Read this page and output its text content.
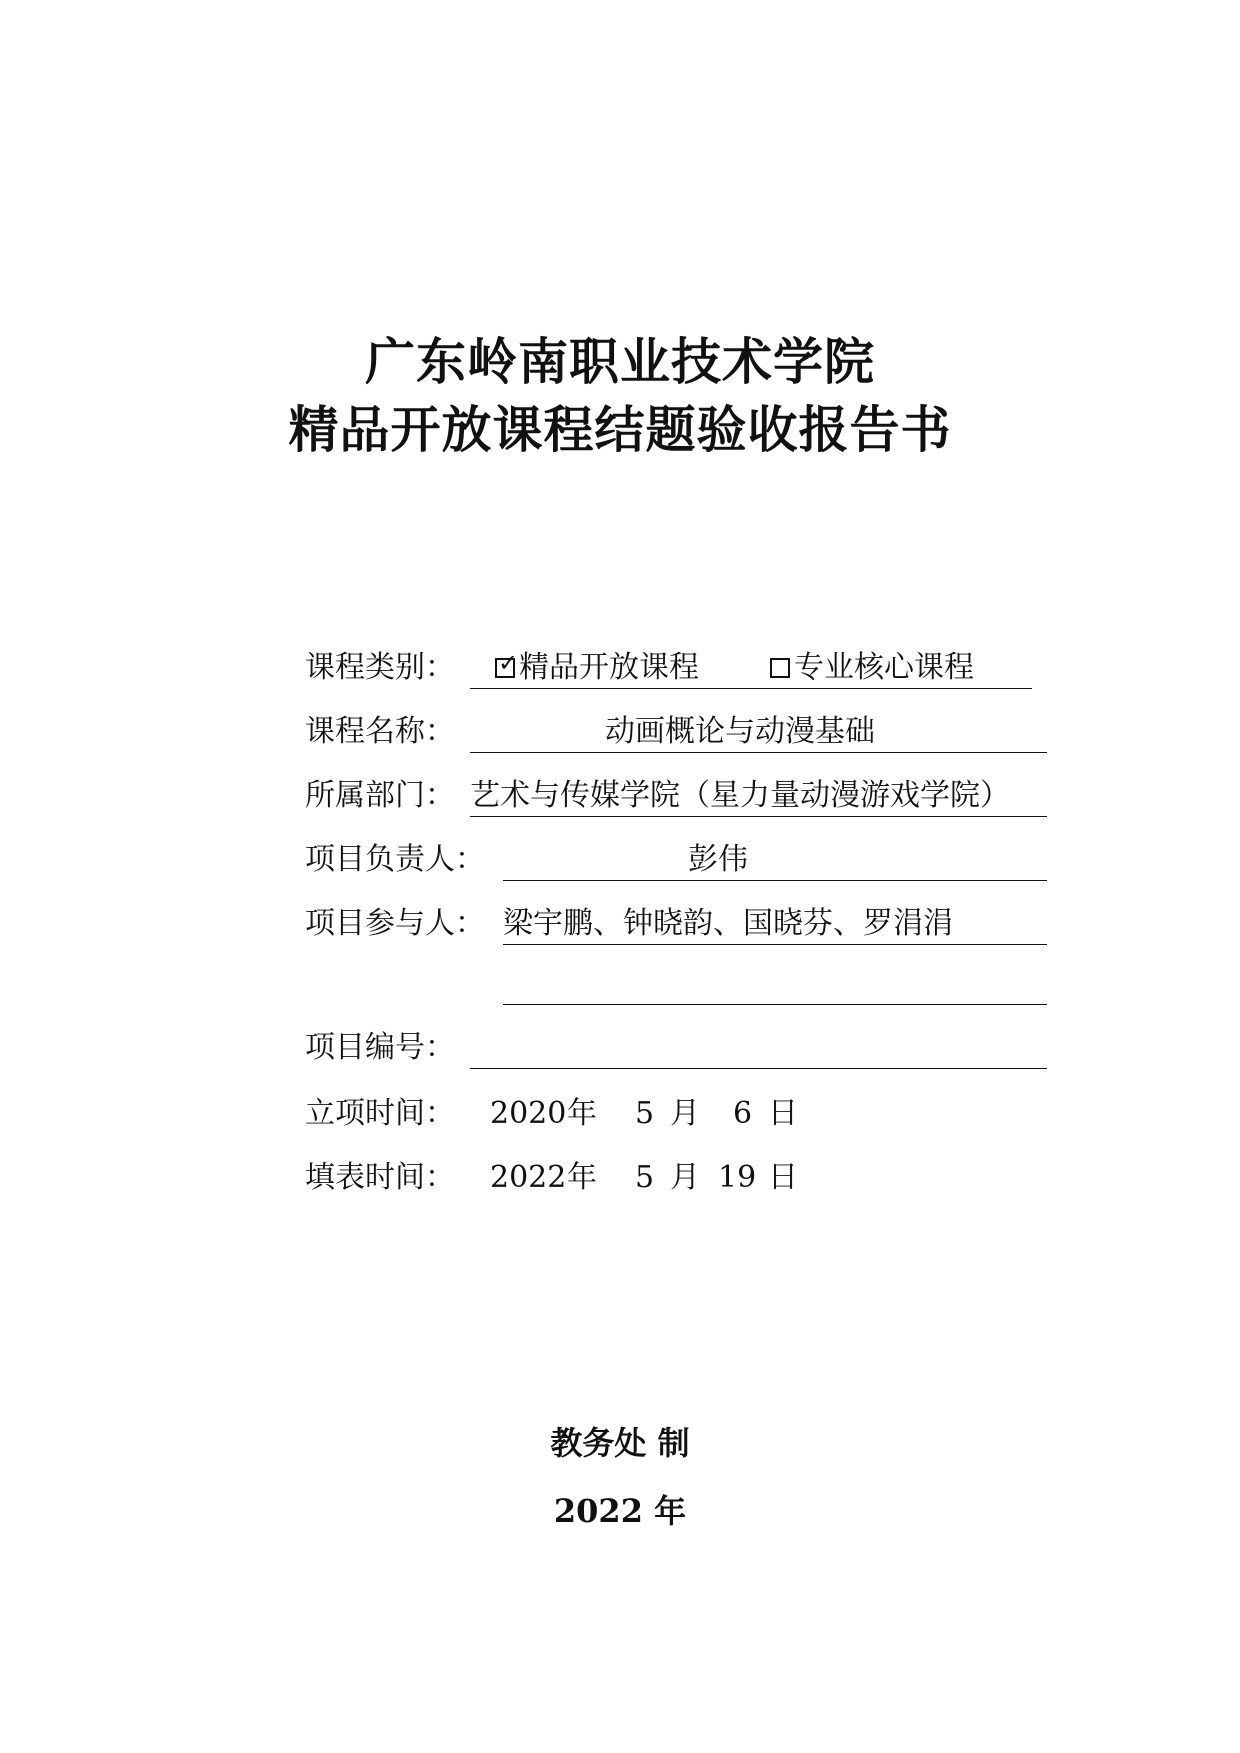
广东岭南职业技术学院
精品开放课程结题验收报告书
课程类别： ✓ 精品开放课程	专业核心课程
课程名称：	动画概论与动漫基础
所属部门： 艺术与传媒学院（星力量动漫游戏学院）
项目负责人：	彭伟
项目参与人： 梁宇鹏、钟晓韵、国晓芬、罗涓涓
项目编号：
立项时间： 2020 年 5 月 6 日
填表时间： 2022 年 5 月 19 日
教务处 制
2022 年
